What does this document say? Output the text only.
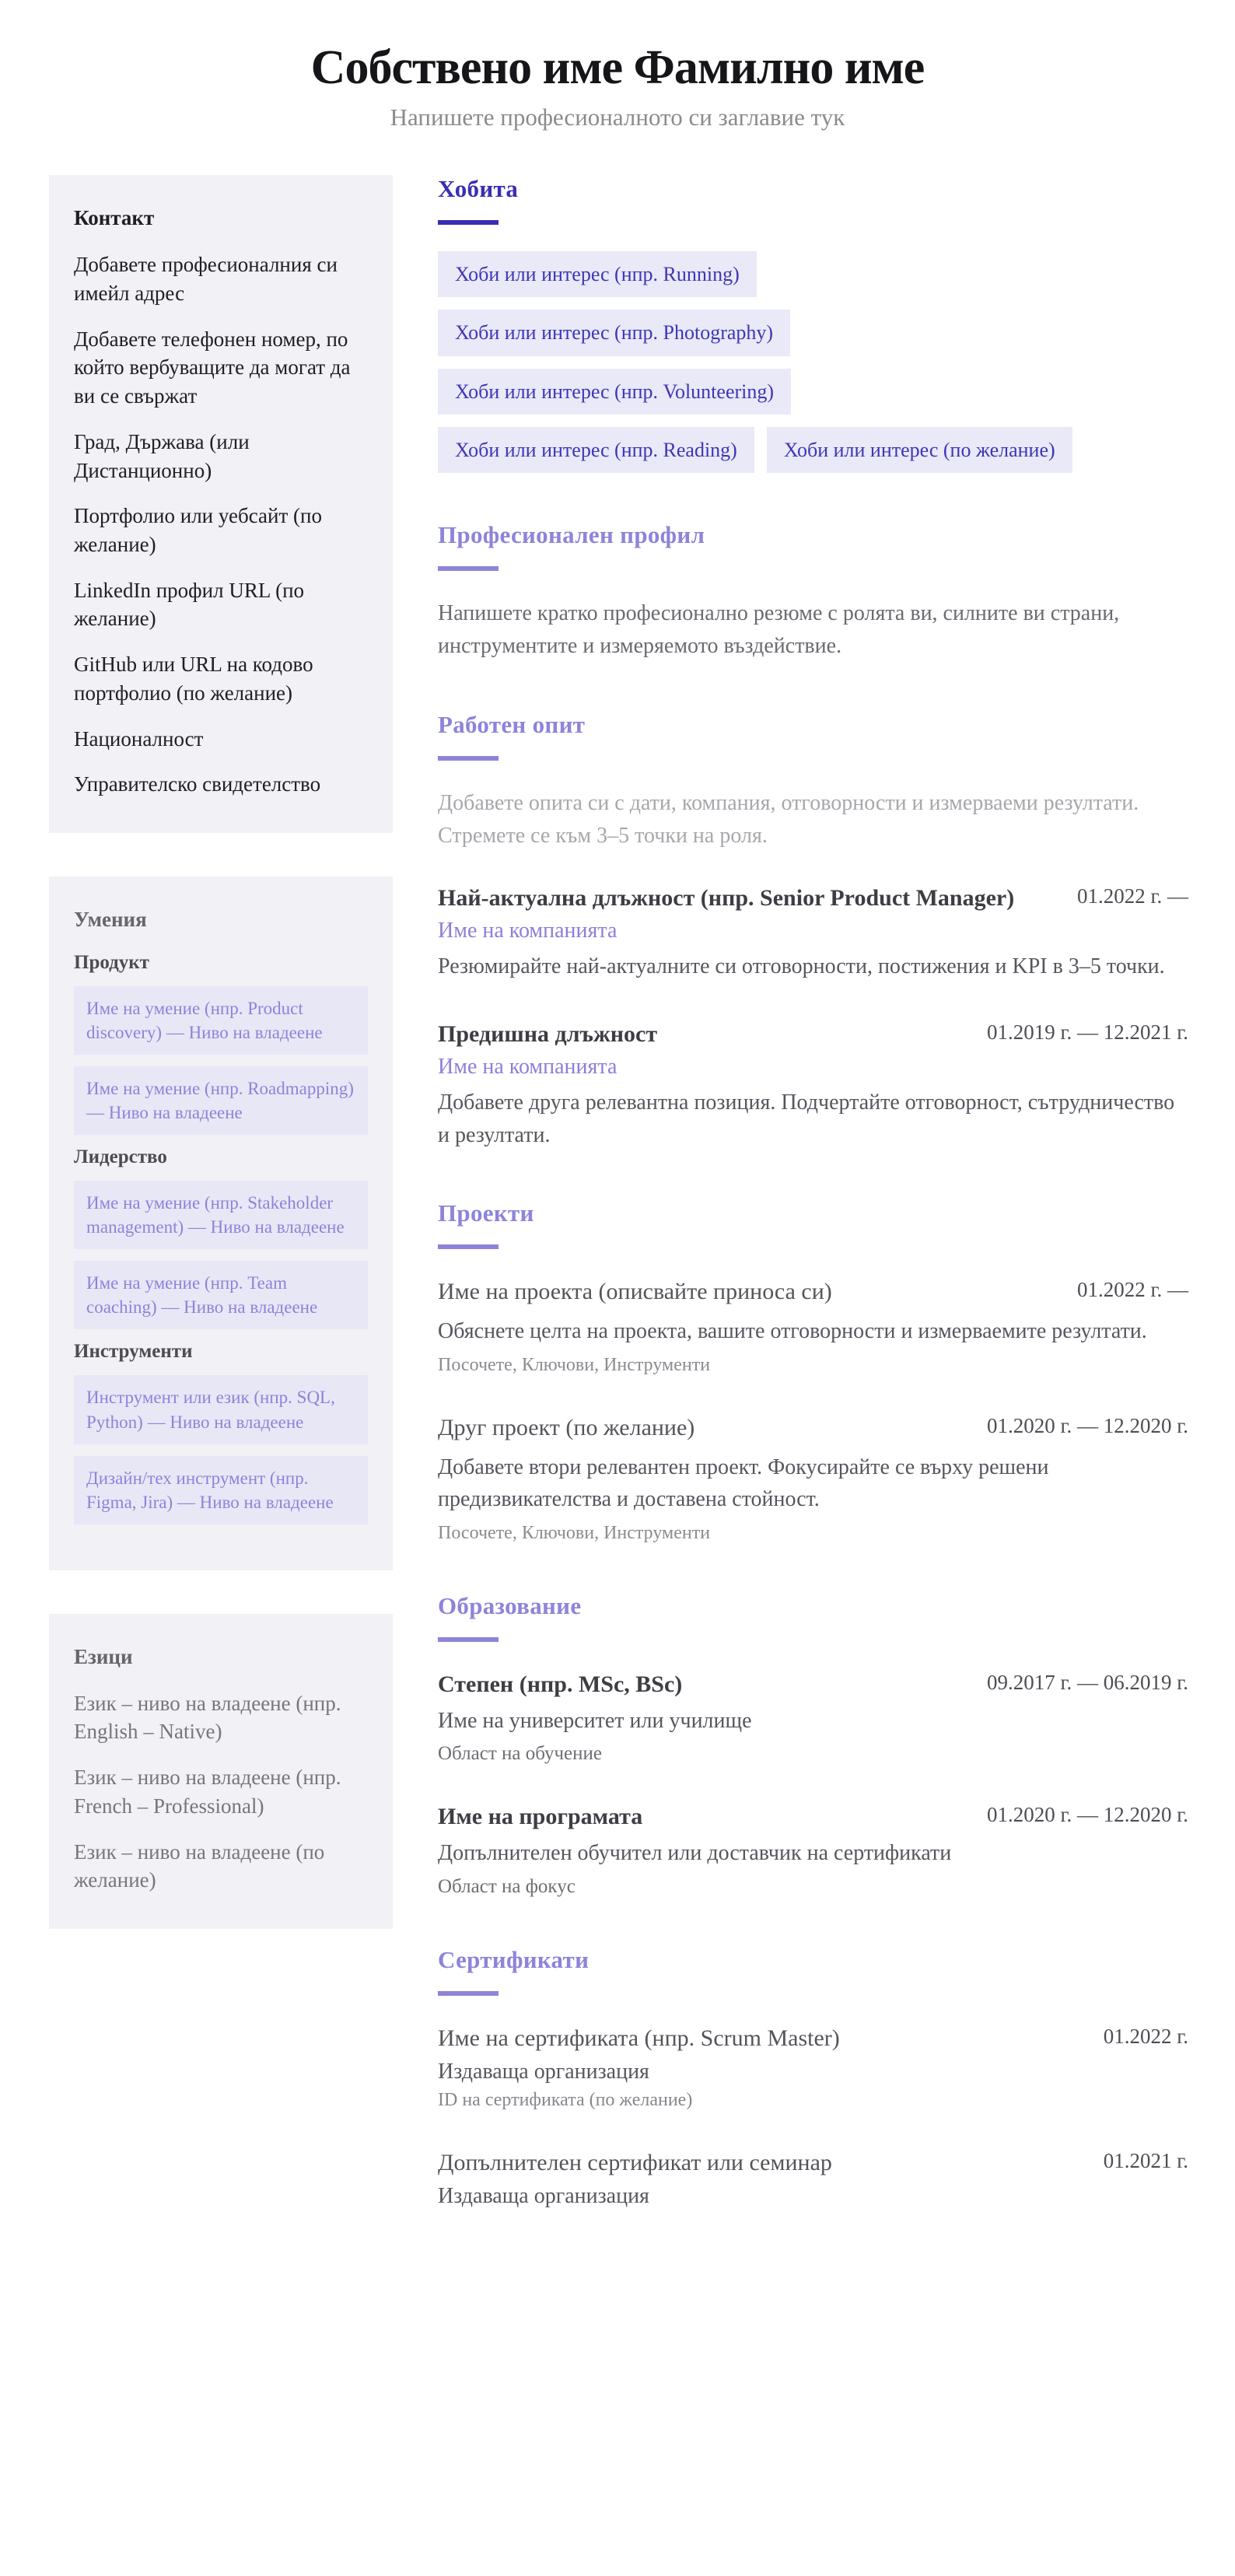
Собствено име Фамилно име
Напишете професионалното си заглавие тук
Контакт

Добавете професионалния си имейл адрес

Добавете телефонен номер, по който вербуващите да могат да ви се свържат

Град, Държава (или Дистанционно)

Портфолио или уебсайт (по желание)

LinkedIn профил URL (по желание)

GitHub или URL на кодово портфолио (по желание)

Националност

Управителско свидетелство

Умения
Продукт
Име на умение (нпр. Product discovery) — Ниво на владеене
Име на умение (нпр. Roadmapping) — Ниво на владеене
Лидерство
Име на умение (нпр. Stakeholder management) — Ниво на владеене
Име на умение (нпр. Team coaching) — Ниво на владеене
Инструменти
Инструмент или език (нпр. SQL, Python) — Ниво на владеене
Дизайн/тех инструмент (нпр. Figma, Jira) — Ниво на владеене
Езици

Език – ниво на владеене (нпр. English – Native)

Език – ниво на владеене (нпр. French – Professional)

Език – ниво на владеене (по желание)

Хобита
Хоби или интерес (нпр. Running)
Хоби или интерес (нпр. Photography)
Хоби или интерес (нпр. Volunteering)
Хоби или интерес (нпр. Reading)	Хоби или интерес (по желание)
Професионален профил

Напишете кратко професионално резюме с ролята ви, силните ви страни, инструментите и измеряемото въздействие.

Работен опит

Добавете опита си с дати, компания, отговорности и измерваеми резултати. Стремете се към 3–5 точки на роля.

Най-актуална длъжност (нпр. Senior Product Manager)	01.2022 г. —
Име на компанията

Резюмирайте най-актуалните си отговорности, постижения и KPI в 3–5 точки.

Предишна длъжност	01.2019 г. — 12.2021 г.
Име на компанията

Добавете друга релевантна позиция. Подчертайте отговорност, сътрудничество и резултати.

Проекти
Име на проекта (описвайте приноса си)	01.2022 г. —

Обяснете целта на проекта, вашите отговорности и измерваемите резултати.

Посочете, Ключови, Инструменти

Друг проект (по желание)	01.2020 г. — 12.2020 г.

Добавете втори релевантен проект. Фокусирайте се върху решени предизвикателства и доставена стойност.

Посочете, Ключови, Инструменти

Образование
Степен (нпр. MSc, BSc)	09.2017 г. — 06.2019 г.
Име на университет или училище
Област на обучение
Име на програмата	01.2020 г. — 12.2020 г.
Допълнителен обучител или доставчик на сертификати
Област на фокус
Сертификати
Име на сертификата (нпр. Scrum Master)	01.2022 г.
Издаваща организация
ID на сертификата (по желание)
Допълнителен сертификат или семинар	01.2021 г.
Издаваща организация
